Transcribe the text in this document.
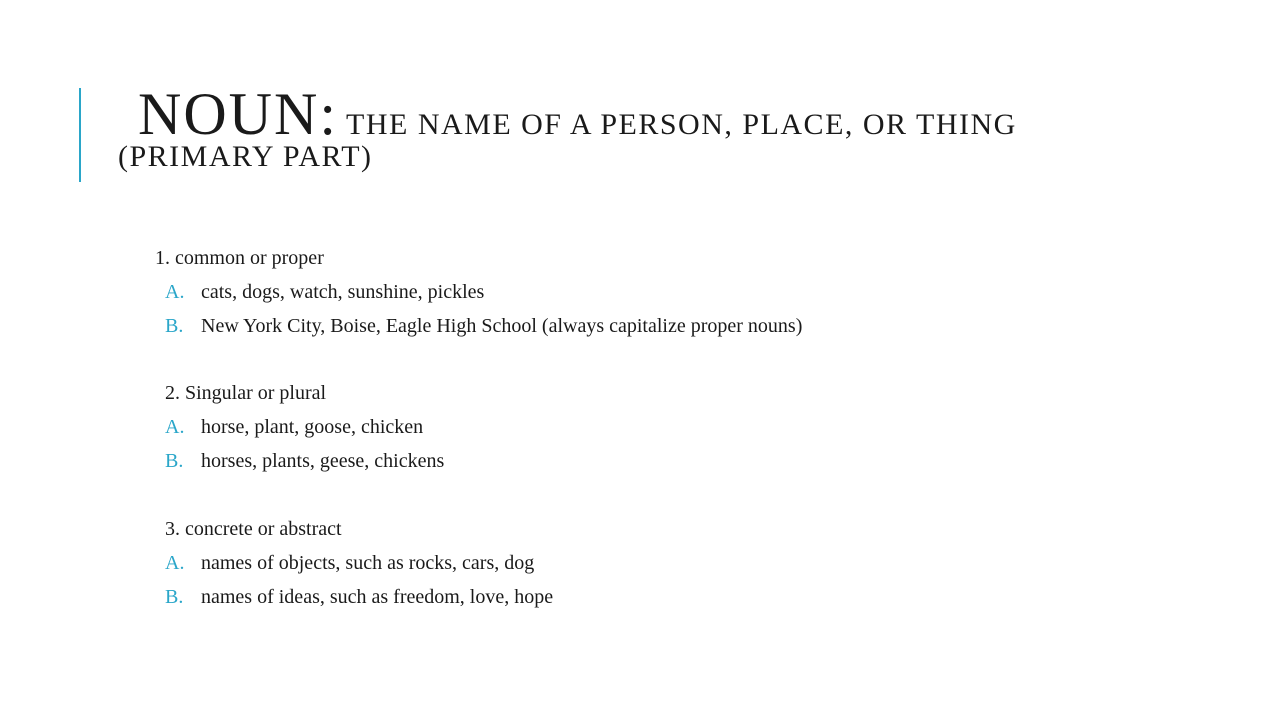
NOUN: THE NAME OF A PERSON, PLACE, OR THING
(PRIMARY PART)
1. common or proper
A. cats, dogs, watch, sunshine, pickles
B. New York City, Boise, Eagle High School (always capitalize proper nouns)
2. Singular or plural
A. horse, plant, goose, chicken
B. horses, plants, geese, chickens
3. concrete or abstract
A. names of objects, such as rocks, cars, dog
B. names of ideas, such as freedom, love, hope
